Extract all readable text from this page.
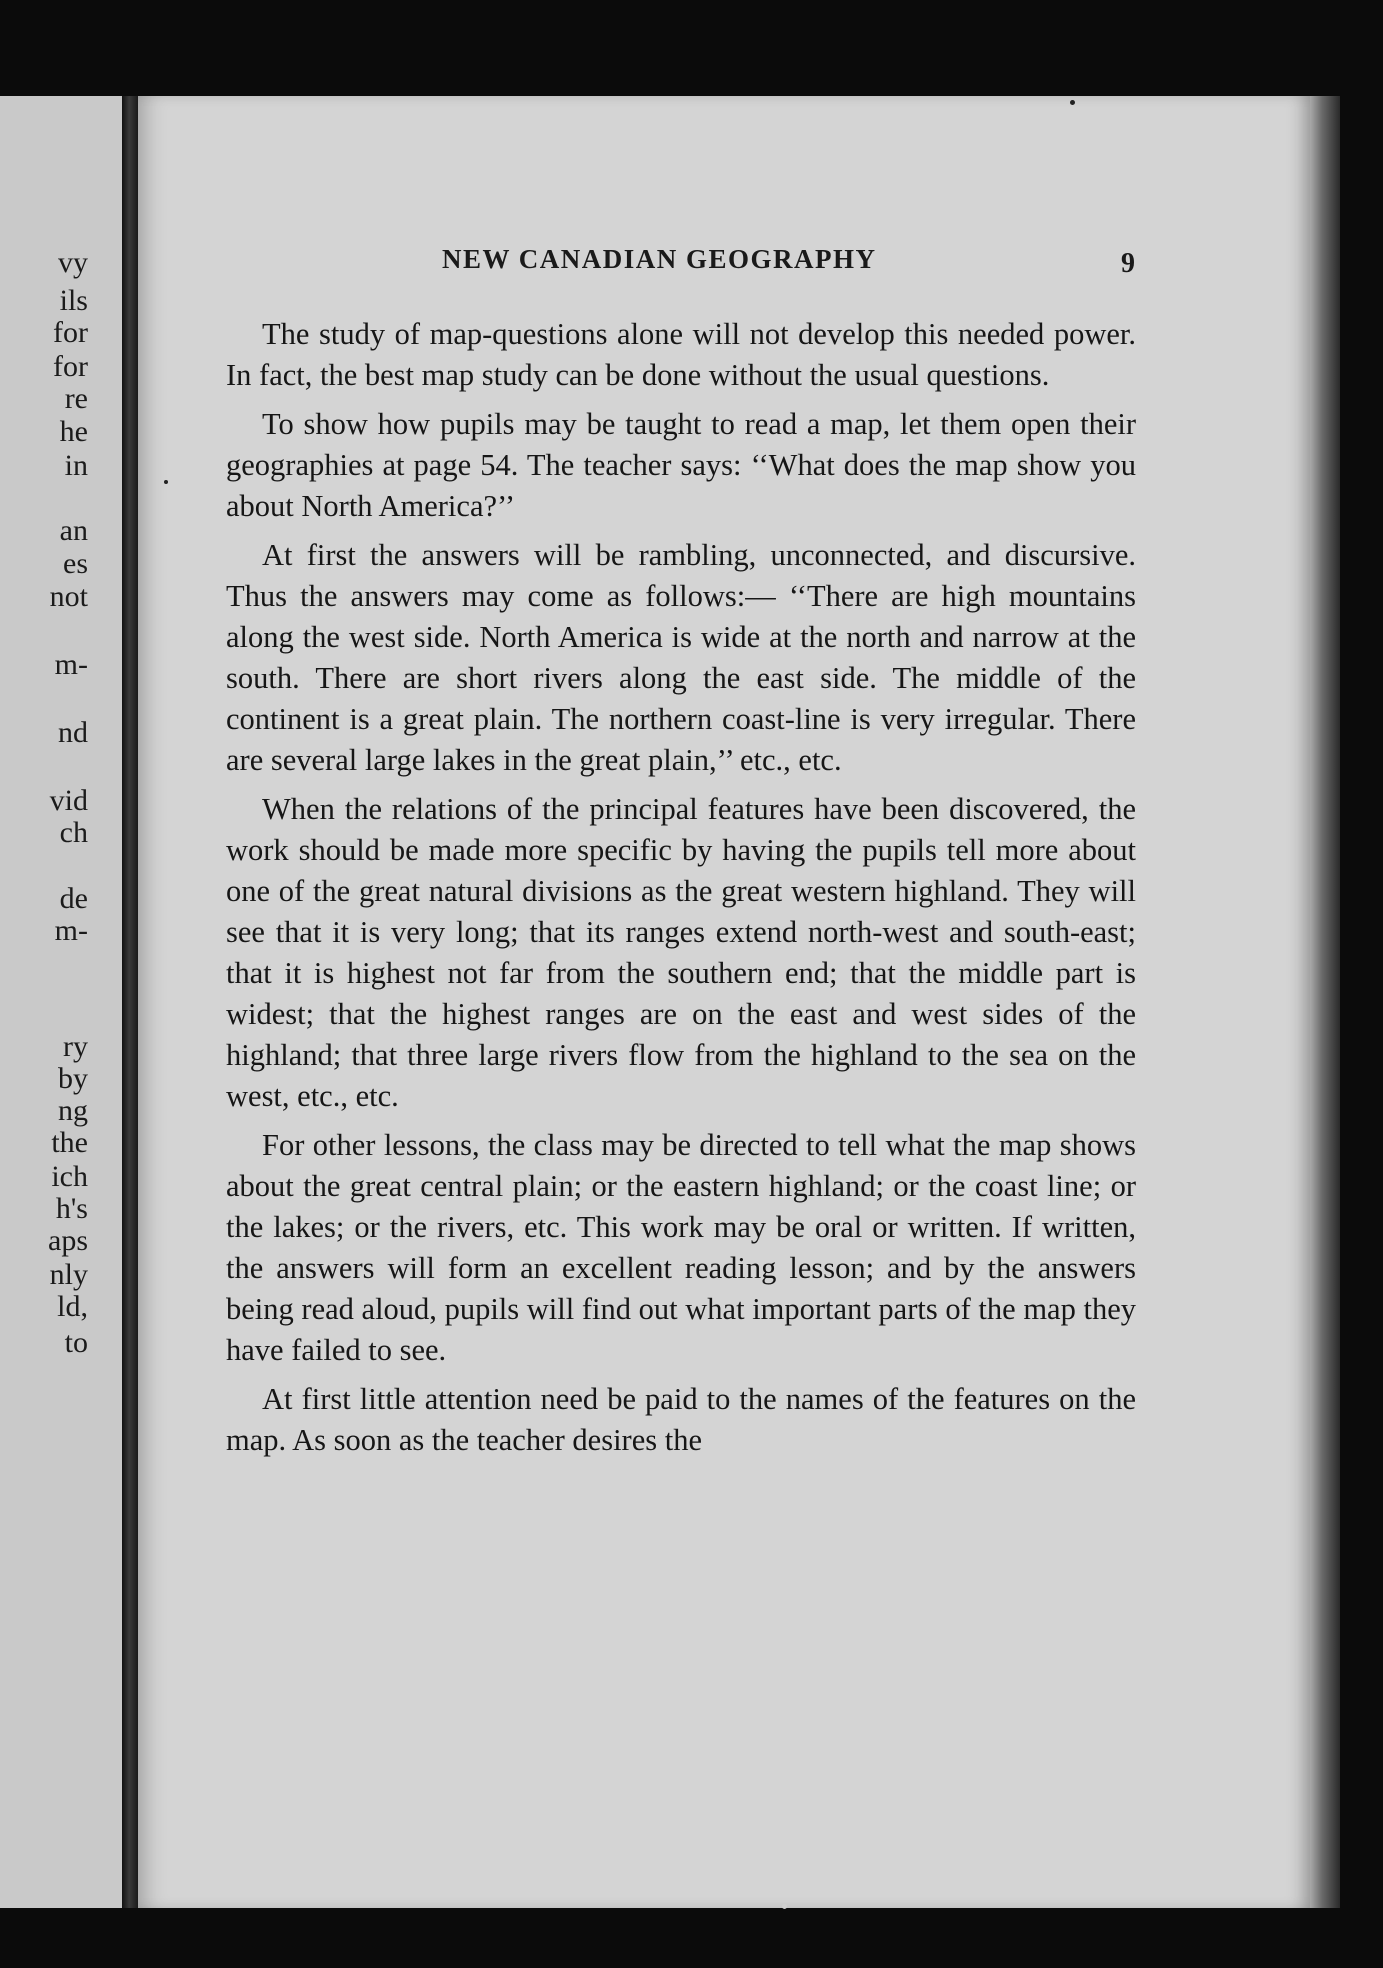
vy
ils
for
for
re
he
in
an
es
not
m-
nd
vid
ch
de
m-
ry
by
ng
the
ich
h's
aps
nly
ld,
to
NEW CANADIAN GEOGRAPHY	9

The study of map-questions alone will not develop this needed power. In fact, the best map study can be done without the usual questions.

To show how pupils may be taught to read a map, let them open their geographies at page 54. The teacher says: ‘‘What does the map show you about North America?’’

At first the answers will be rambling, unconnected, and discursive. Thus the answers may come as follows:— ‘‘There are high mountains along the west side. North America is wide at the north and narrow at the south. There are short rivers along the east side. The middle of the continent is a great plain. The northern coast-line is very irregular. There are several large lakes in the great plain,’’ etc., etc.

When the relations of the principal features have been discovered, the work should be made more specific by having the pupils tell more about one of the great natural divisions as the great western highland. They will see that it is very long; that its ranges extend north-west and south-east; that it is highest not far from the southern end; that the middle part is widest; that the highest ranges are on the east and west sides of the highland; that three large rivers flow from the highland to the sea on the west, etc., etc.

For other lessons, the class may be directed to tell what the map shows about the great central plain; or the eastern highland; or the coast line; or the lakes; or the rivers, etc. This work may be oral or written. If written, the answers will form an excellent reading lesson; and by the answers being read aloud, pupils will find out what important parts of the map they have failed to see.

At first little attention need be paid to the names of the features on the map. As soon as the teacher desires the
